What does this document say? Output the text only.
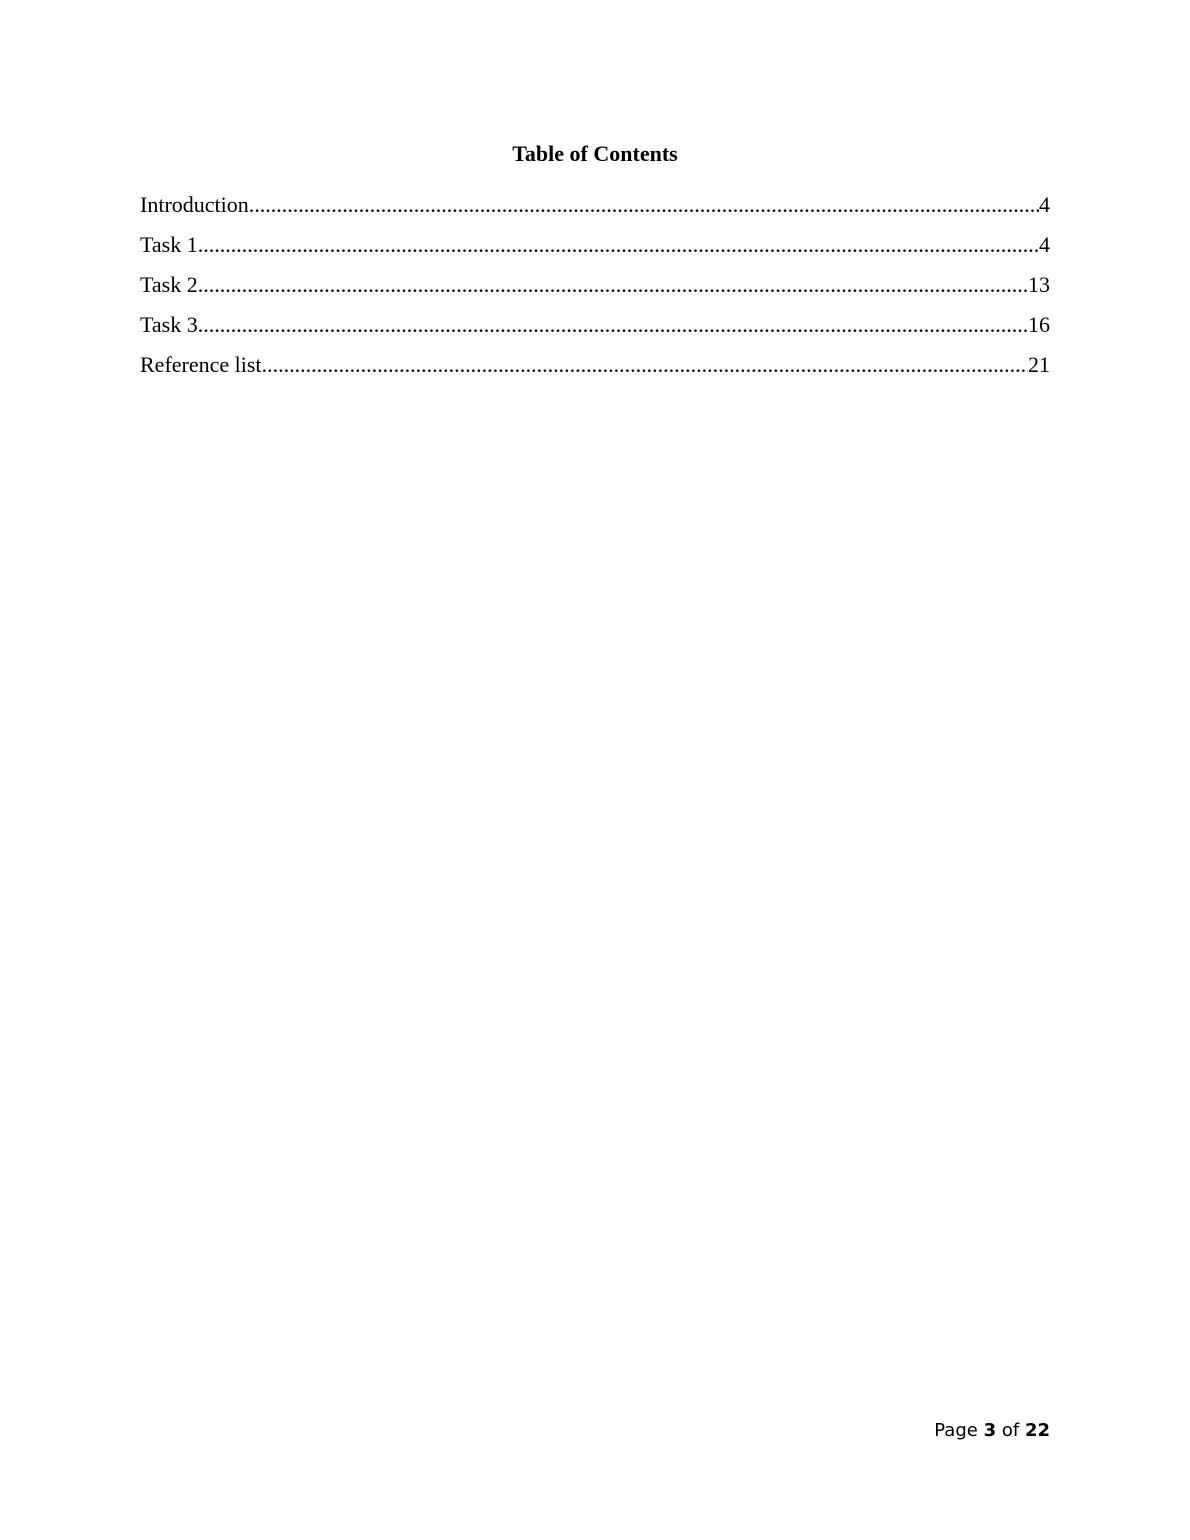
Table of Contents
Introduction .....	4
Task 1 .....	4
Task 2 .....	13
Task 3 .....	16
Reference list .....	21
Page 3 of 22
